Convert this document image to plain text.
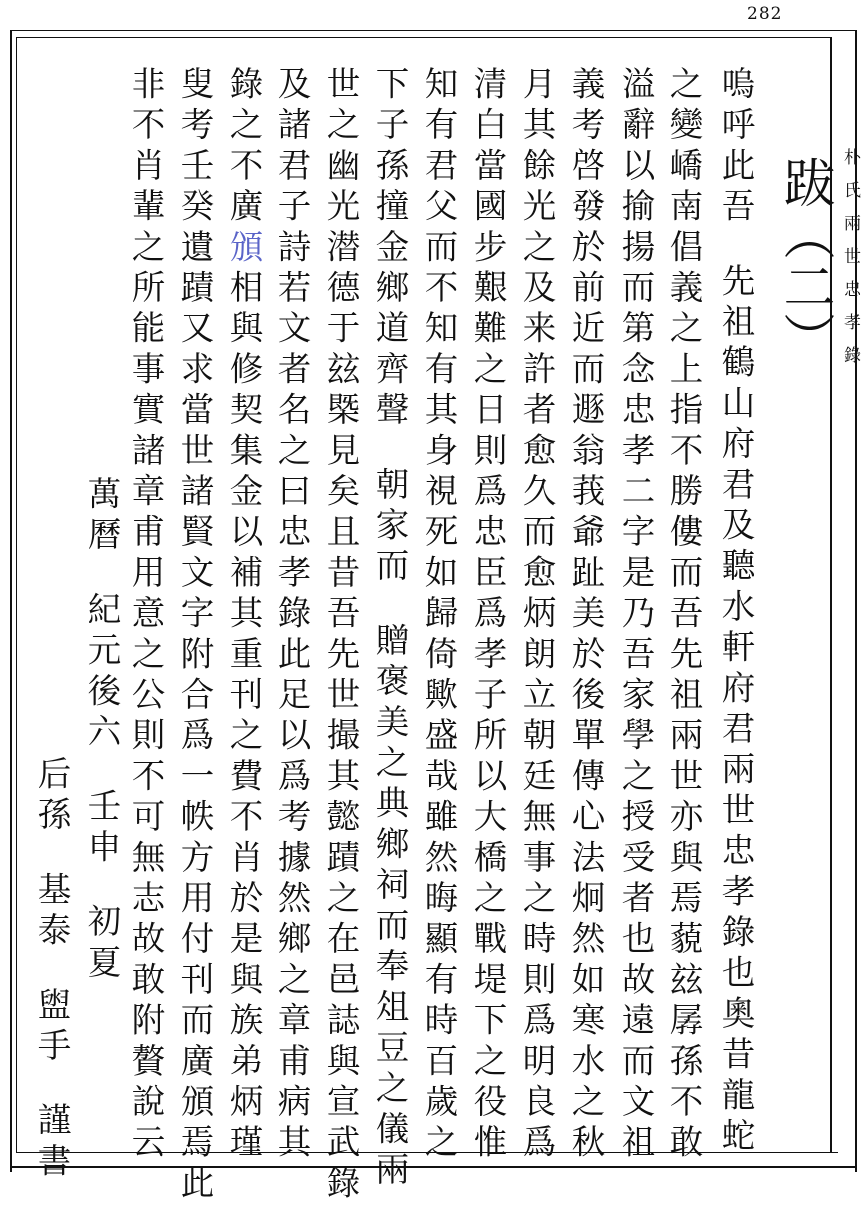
282
朴氏兩世忠孝錄
跋（二）
嗚呼此吾先祖鶴山府君及聽水軒府君兩世忠孝錄也奧昔龍蛇
之變嶠南倡義之上指不勝僂而吾先祖兩世亦與焉藐玆孱孫不敢
溢辭以揄揚而第念忠孝二字是乃吾家學之授受者也故遠而文祖
義考啓發於前近而遯翁莪爺趾美於後單傳心法炯然如寒水之秋
月其餘光之及来許者愈久而愈炳朗立朝廷無事之時則爲明良爲
清白當國步艱難之日則爲忠臣爲孝子所以大橋之戰堤下之役惟
知有君父而不知有其身視死如歸倚歟盛哉雖然晦顯有時百歲之
下子孫撞金鄉道齊聲朝家而贈褒美之典鄉祠而奉俎豆之儀兩
世之幽光潜德于玆槩見矣且昔吾先世撮其懿蹟之在邑誌與宣武錄
及諸君子詩若文者名之曰忠孝錄此足以爲考據然鄉之章甫病其
錄之不廣頒相與修契集金以補其重刊之費不肖於是與族弟炳瑾
叟考壬癸遺蹟又求當世諸賢文字附合爲一帙方用付刊而廣頒焉此
非不肖輩之所能事實諸章甫用意之公則不可無志故敢附贅說云
萬曆紀元後六壬申初夏
后孫基泰盥手謹書
